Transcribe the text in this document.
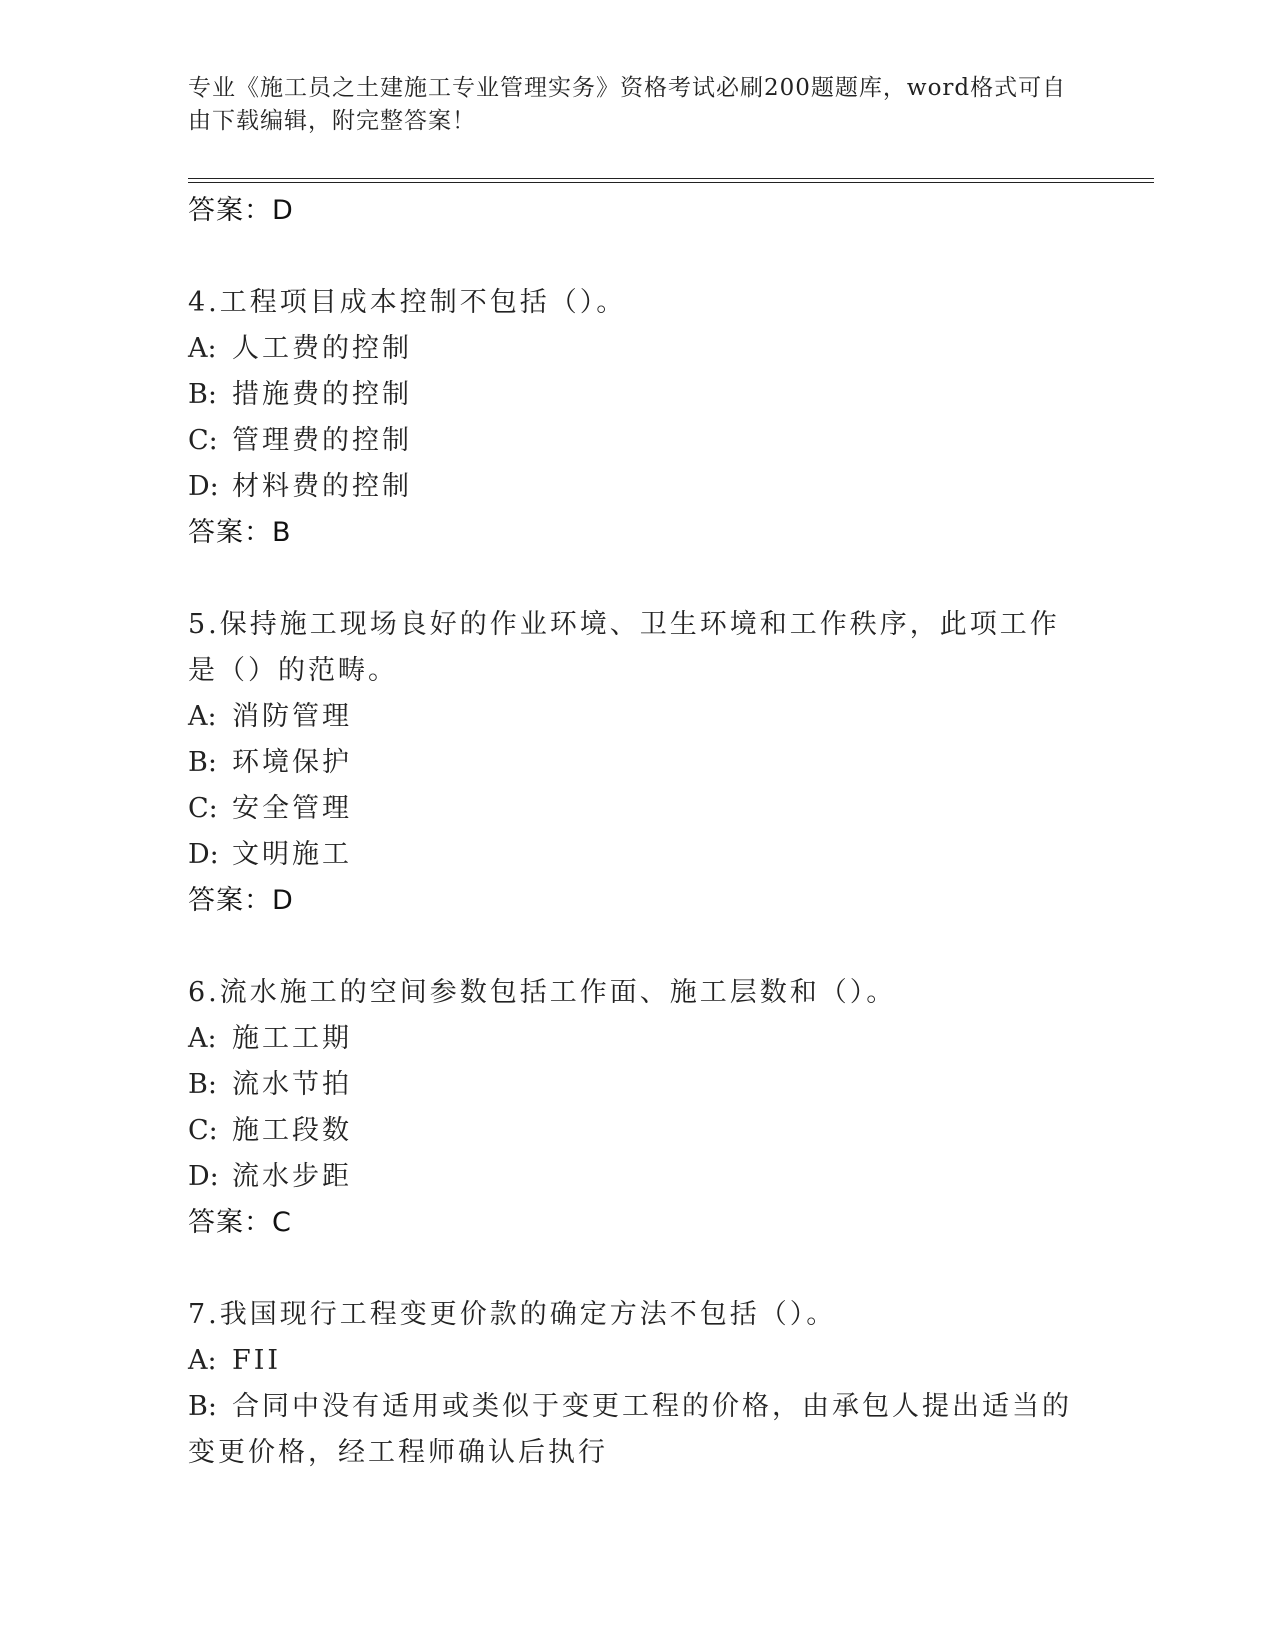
专业《施工员之土建施工专业管理实务》资格考试必刷200题题库，word格式可自由下载编辑，附完整答案！
答案：D
4.工程项目成本控制不包括（）。
A: 人工费的控制
B: 措施费的控制
C: 管理费的控制
D: 材料费的控制
答案：B
5.保持施工现场良好的作业环境、卫生环境和工作秩序，此项工作是（）的范畴。
A: 消防管理
B: 环境保护
C: 安全管理
D: 文明施工
答案：D
6.流水施工的空间参数包括工作面、施工层数和（）。
A: 施工工期
B: 流水节拍
C: 施工段数
D: 流水步距
答案：C
7.我国现行工程变更价款的确定方法不包括（）。
A: FII
B: 合同中没有适用或类似于变更工程的价格，由承包人提出适当的变更价格，经工程师确认后执行
